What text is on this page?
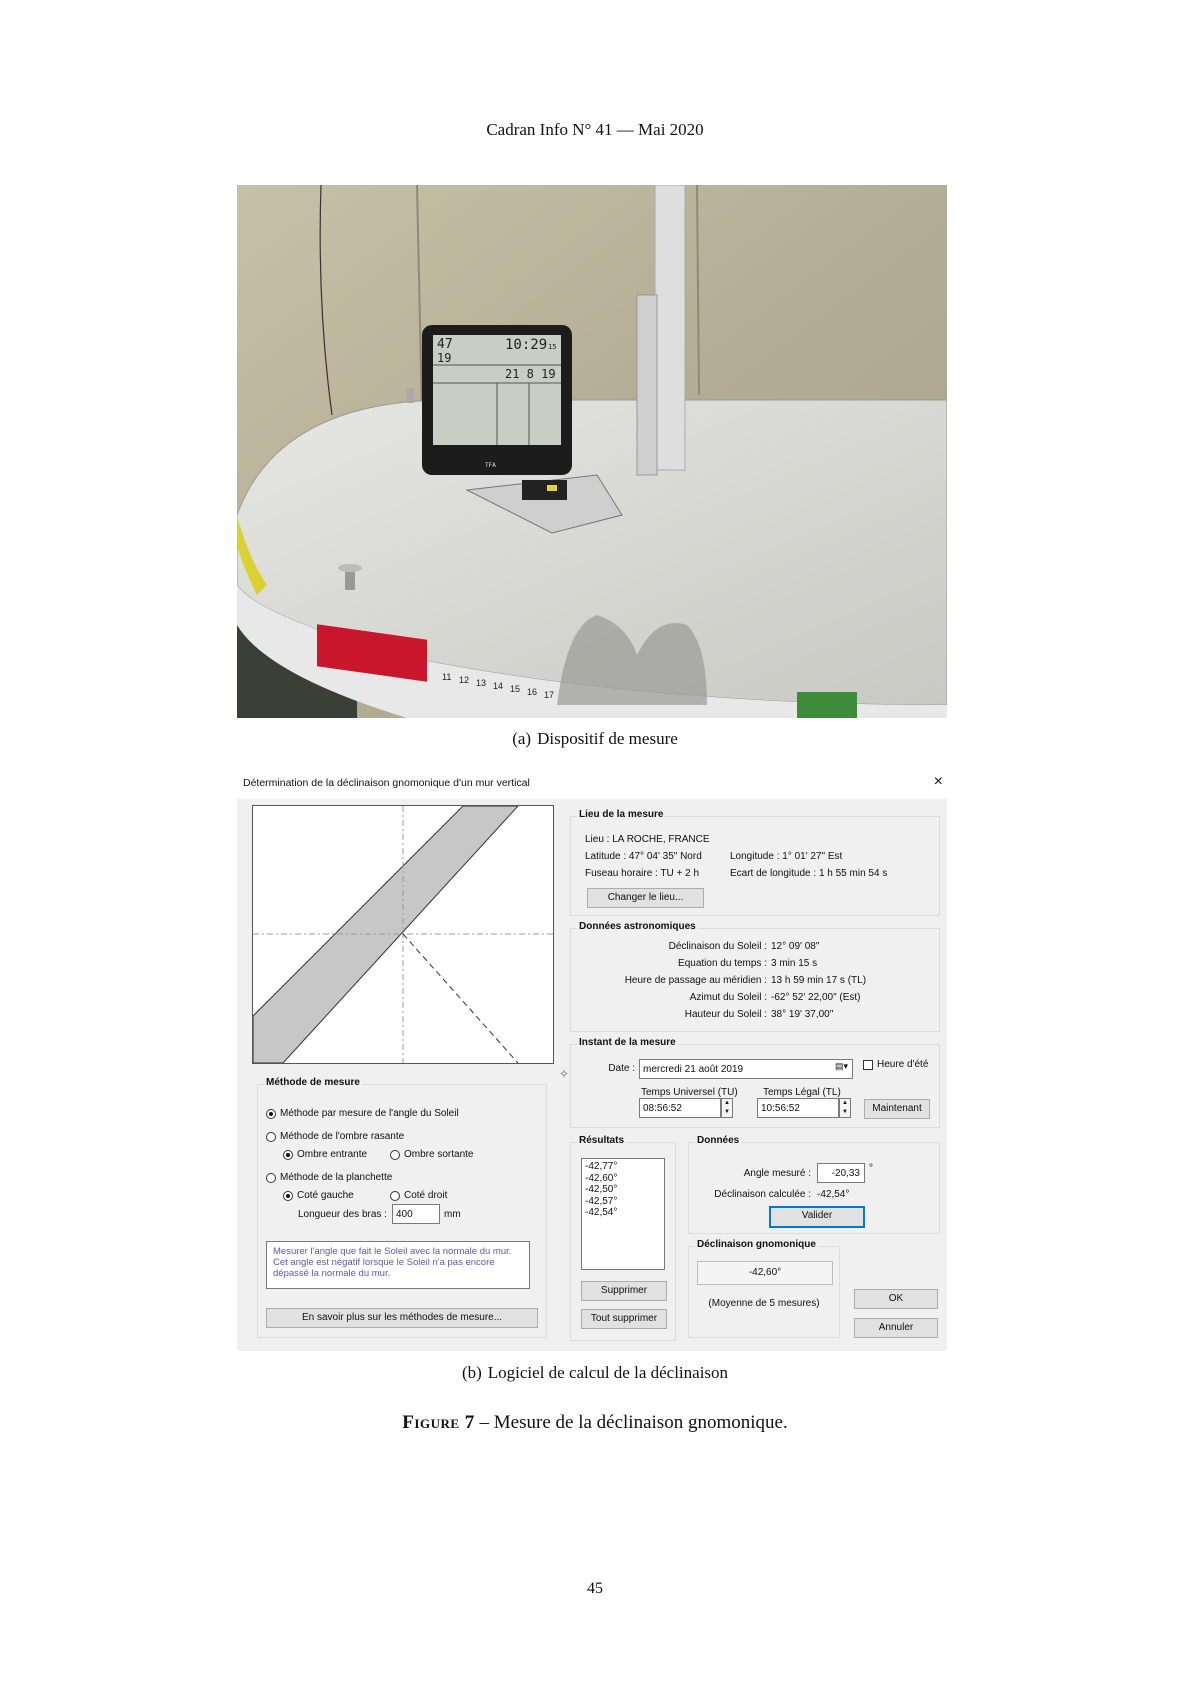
Cadran Info N° 41 — Mai 2020
11 12 13 14 15 16 17
47
19
10:29 15
21 8 19
TFA
(a) Dispositif de mesure
Détermination de la déclinaison gnomonique d'un mur vertical	×
Méthode de mesure
Méthode par mesure de l'angle du Soleil
Méthode de l'ombre rasante
Ombre entrante	Ombre sortante
Méthode de la planchette
Coté gauche	Coté droit
Longueur des bras : 400	mm
Mesurer l'angle que fait le Soleil avec la normale du mur. Cet angle est négatif lorsque le Soleil n'a pas encore dépassé la normale du mur.
En savoir plus sur les méthodes de mesure...
Lieu de la mesure
Lieu : LA ROCHE, FRANCE
Latitude : 47° 04' 35" Nord	Longitude : 1° 01' 27" Est
Fuseau horaire : TU + 2 h	Ecart de longitude : 1 h 55 min 54 s
Changer le lieu...
Données astronomiques
Déclinaison du Soleil : 12° 09' 08"
Equation du temps : 3 min 15 s
Heure de passage au méridien : 13 h 59 min 17 s (TL)
Azimut du Soleil : -62° 52' 22,00" (Est)
Hauteur du Soleil : 38° 19' 37,00"
Instant de la mesure
Date : mercredi 21 août 2019	▤▾	Heure d'été
Temps Universel (TU)
08:56:52	▲
▼
Temps Légal (TL)
10:56:52	▲
▼	Maintenant
✧
Résultats
-42,77°
-42,60°
-42,50°
-42,57°
-42,54°
Supprimer
Tout supprimer
Données
Angle mesuré :	-20,33 °
Déclinaison calculée : -42,54°
Valider
Déclinaison gnomonique
-42,60°
(Moyenne de 5 mesures)	OK
Annuler
(b) Logiciel de calcul de la déclinaison
Figure 7 – Mesure de la déclinaison gnomonique.
45
